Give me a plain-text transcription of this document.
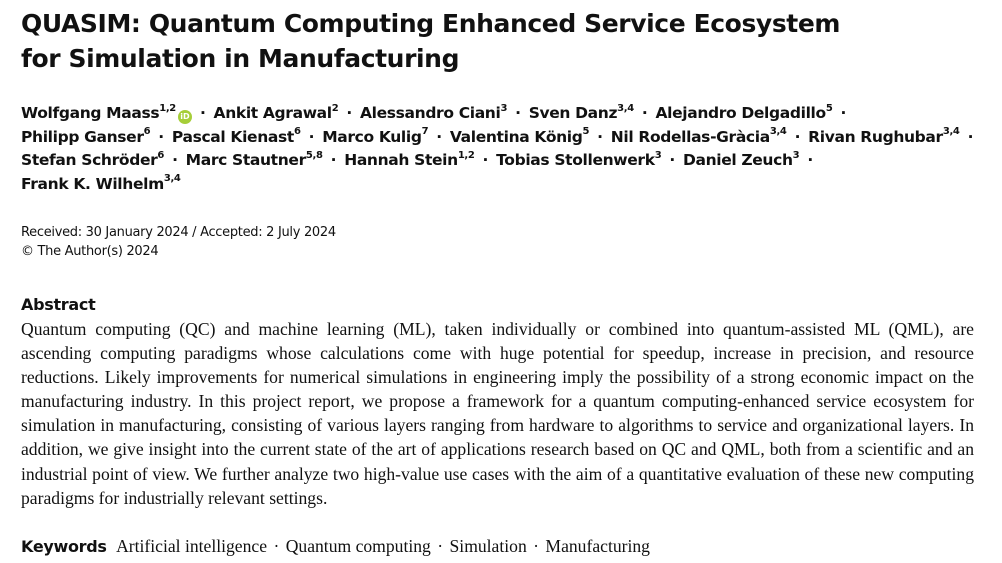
QUASIM: Quantum Computing Enhanced Service Ecosystem
for Simulation in Manufacturing
Wolfgang Maass$^{1,2}$iD · Ankit Agrawal$^2$ · Alessandro Ciani$^3$ · Sven Danz$^{3,4}$ · Alejandro Delgadillo$^5$ · Philipp Ganser$^6$ · Pascal Kienast$^6$ · Marco Kulig$^7$ · Valentina König$^5$ · Nil Rodellas-Gràcia$^{3,4}$ · Rivan Rughubar$^{3,4}$ · Stefan Schröder$^6$ · Marc Stautner$^{5,8}$ · Hannah Stein$^{1,2}$ · Tobias Stollenwerk$^3$ · Daniel Zeuch$^3$ · Frank K. Wilhelm$^{3,4}$
Received: 30 January 2024 / Accepted: 2 July 2024
© The Author(s) 2024
Abstract

Quantum computing (QC) and machine learning (ML), taken individually or combined into quantum-assisted ML (QML), are ascending computing paradigms whose calculations come with huge potential for speedup, increase in precision, and resource reductions. Likely improvements for numerical simulations in engineering imply the possibility of a strong economic impact on the manufacturing industry. In this project report, we propose a framework for a quantum computing-enhanced service ecosystem for simulation in manufacturing, consisting of various layers ranging from hardware to algorithms to service and organizational layers. In addition, we give insight into the current state of the art of applications research based on QC and QML, both from a scientific and an industrial point of view. We further analyze two high-value use cases with the aim of a quantitative evaluation of these new computing paradigms for industrially relevant settings.

Keywords Artificial intelligence · Quantum computing · Simulation · Manufacturing
